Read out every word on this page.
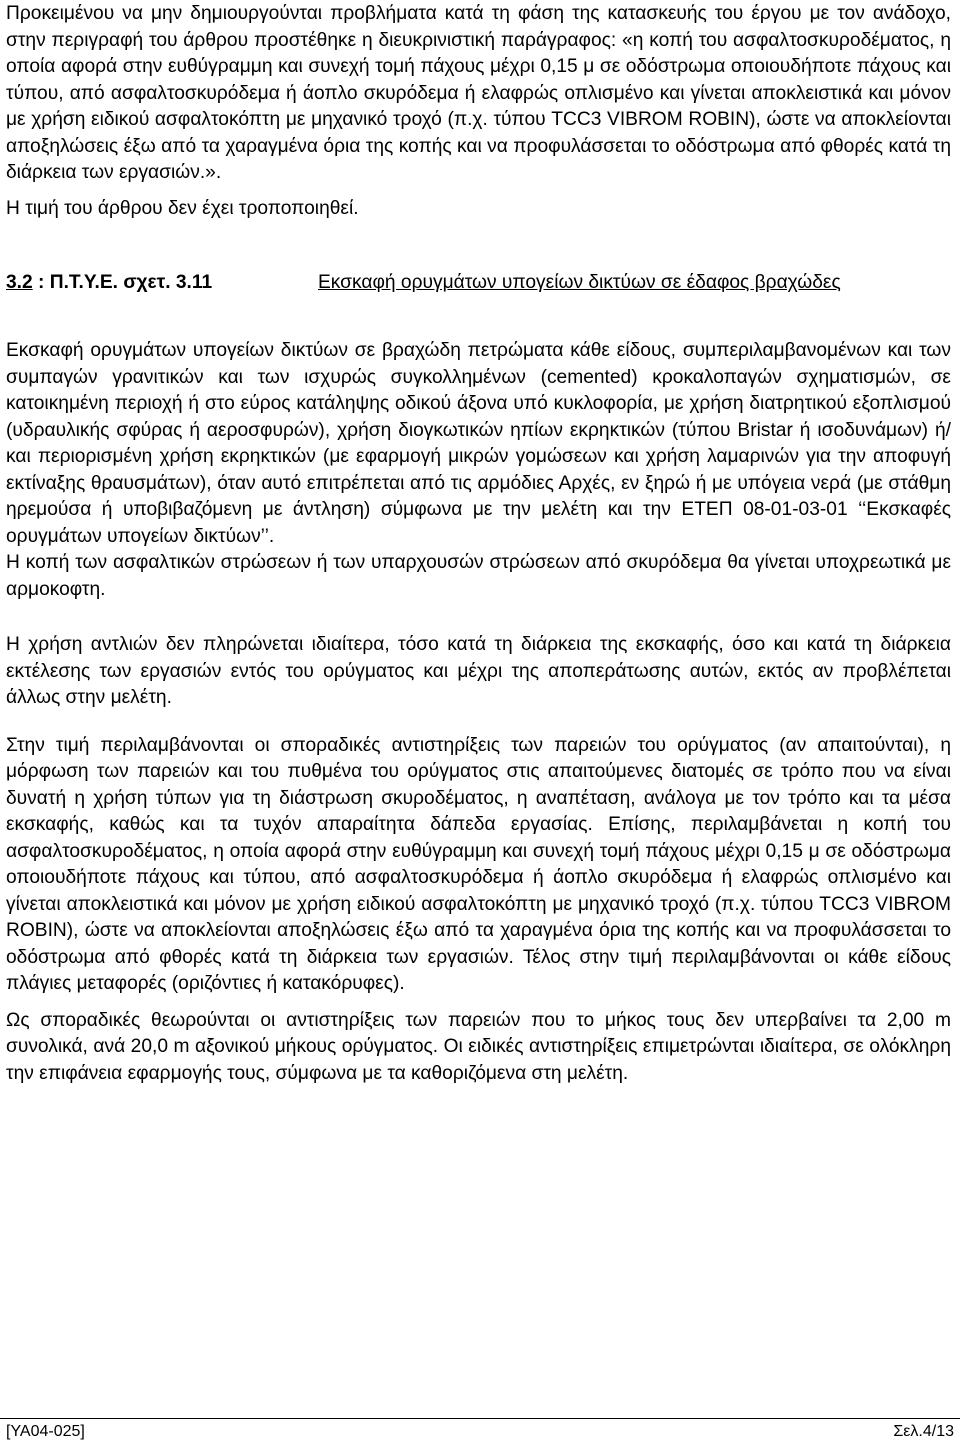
Προκειμένου να μην δημιουργούνται προβλήματα κατά τη φάση της κατασκευής του έργου με τον ανάδοχο, στην περιγραφή του άρθρου προστέθηκε η διευκρινιστική παράγραφος: «η κοπή του ασφαλτοσκυροδέματος, η οποία αφορά στην ευθύγραμμη και συνεχή τομή πάχους μέχρι 0,15 μ σε οδόστρωμα οποιουδήποτε πάχους και τύπου, από ασφαλτοσκυρόδεμα ή άοπλο σκυρόδεμα ή ελαφρώς οπλισμένο και γίνεται αποκλειστικά και μόνον με χρήση ειδικού ασφαλτοκόπτη με μηχανικό τροχό (π.χ. τύπου TCC3 VIBROM ROBIN), ώστε να αποκλείονται αποξηλώσεις έξω από τα χαραγμένα όρια της κοπής και να προφυλάσσεται το οδόστρωμα από φθορές κατά τη διάρκεια των εργασιών.».

Η τιμή του άρθρου δεν έχει τροποποιηθεί.

3.2 : Π.Τ.Υ.Ε. σχετ. 3.11	Εκσκαφή ορυγμάτων υπογείων δικτύων σε έδαφος βραχώδες

Εκσκαφή ορυγμάτων υπογείων δικτύων σε βραχώδη πετρώματα κάθε είδους, συμπεριλαμβανομένων και των συμπαγών γρανιτικών και των ισχυρώς συγκολλημένων (cemented) κροκαλοπαγών σχηματισμών, σε κατοικημένη περιοχή ή στο εύρος κατάληψης οδικού άξονα υπό κυκλοφορία, με χρήση διατρητικού εξοπλισμού (υδραυλικής σφύρας ή αεροσφυρών), χρήση διογκωτικών ηπίων εκρηκτικών (τύπου Bristar ή ισοδυνάμων) ή/και περιορισμένη χρήση εκρηκτικών (με εφαρμογή μικρών γομώσεων και χρήση λαμαρινών για την αποφυγή εκτίναξης θραυσμάτων), όταν αυτό επιτρέπεται από τις αρμόδιες Αρχές, εν ξηρώ ή με υπόγεια νερά (με στάθμη ηρεμούσα ή υποβιβαζόμενη με άντληση) σύμφωνα με την μελέτη και την ΕΤΕΠ 08-01-03-01 ‘‘Εκσκαφές ορυγμάτων υπογείων δικτύων’’.

Η κοπή των ασφαλτικών στρώσεων ή των υπαρχουσών στρώσεων από σκυρόδεμα θα γίνεται υποχρεωτικά με αρμοκοφτη.

Η χρήση αντλιών δεν πληρώνεται ιδιαίτερα, τόσο κατά τη διάρκεια της εκσκαφής, όσο και κατά τη διάρκεια εκτέλεσης των εργασιών εντός του ορύγματος και μέχρι της αποπεράτωσης αυτών, εκτός αν προβλέπεται άλλως στην μελέτη.

Στην τιμή περιλαμβάνονται οι σποραδικές αντιστηρίξεις των παρειών του ορύγματος (αν απαιτούνται), η μόρφωση των παρειών και του πυθμένα του ορύγματος στις απαιτούμενες διατομές σε τρόπο που να είναι δυνατή η χρήση τύπων για τη διάστρωση σκυροδέματος, η αναπέταση, ανάλογα με τον τρόπο και τα μέσα εκσκαφής, καθώς και τα τυχόν απαραίτητα δάπεδα εργασίας. Επίσης, περιλαμβάνεται η κοπή του ασφαλτοσκυροδέματος, η οποία αφορά στην ευθύγραμμη και συνεχή τομή πάχους μέχρι 0,15 μ σε οδόστρωμα οποιουδήποτε πάχους και τύπου, από ασφαλτοσκυρόδεμα ή άοπλο σκυρόδεμα ή ελαφρώς οπλισμένο και γίνεται αποκλειστικά και μόνον με χρήση ειδικού ασφαλτοκόπτη με μηχανικό τροχό (π.χ. τύπου TCC3 VIBROM ROBIN), ώστε να αποκλείονται αποξηλώσεις έξω από τα χαραγμένα όρια της κοπής και να προφυλάσσεται το οδόστρωμα από φθορές κατά τη διάρκεια των εργασιών. Τέλος στην τιμή περιλαμβάνονται οι κάθε είδους πλάγιες μεταφορές (οριζόντιες ή κατακόρυφες).

Ως σποραδικές θεωρούνται οι αντιστηρίξεις των παρειών που το μήκος τους δεν υπερβαίνει τα 2,00 m συνολικά, ανά 20,0 m αξονικού μήκους ορύγματος. Οι ειδικές αντιστηρίξεις επιμετρώνται ιδιαίτερα, σε ολόκληρη την επιφάνεια εφαρμογής τους, σύμφωνα με τα καθοριζόμενα στη μελέτη.

[ΥΑ04-025]	Σελ.4/13
